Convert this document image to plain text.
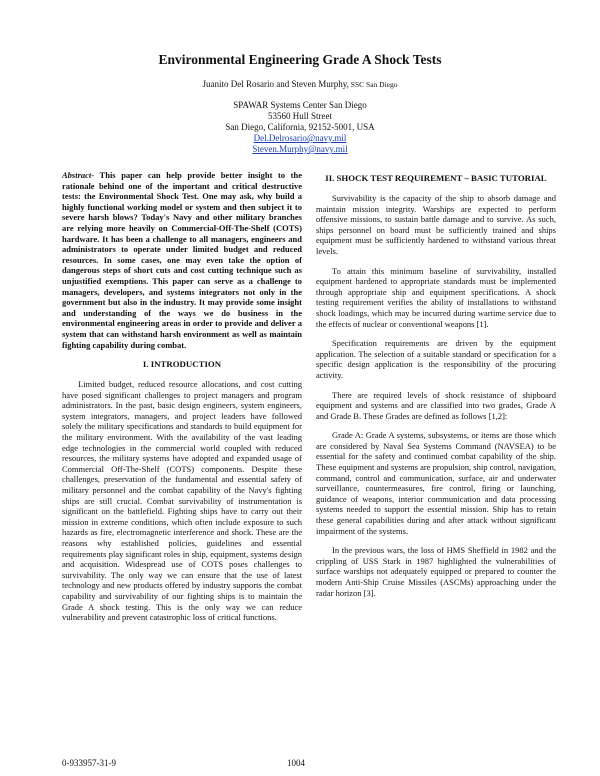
Environmental Engineering Grade A Shock Tests
Juanito Del Rosario and Steven Murphy, SSC San Diego
SPAWAR Systems Center San Diego
53560 Hull Street
San Diego, California, 92152-5001, USA
Del.Delrosario@navy.mil
Steven.Murphy@navy.mil

Abstract- This paper can help provide better insight to the rationale behind one of the important and critical destructive tests: the Environmental Shock Test. One may ask, why build a highly functional working model or system and then subject it to severe harsh blows? Today's Navy and other military branches are relying more heavily on Commercial-Off-The-Shelf (COTS) hardware. It has been a challenge to all managers, engineers and administrators to operate under limited budget and reduced resources. In some cases, one may even take the option of dangerous steps of short cuts and cost cutting technique such as unjustified exemptions. This paper can serve as a challenge to managers, developers, and systems integrators not only in the government but also in the industry. It may provide some insight and understanding of the ways we do business in the environmental engineering areas in order to provide and deliver a system that can withstand harsh environment as well as maintain fighting capability during combat.

I. INTRODUCTION

Limited budget, reduced resource allocations, and cost cutting have posed significant challenges to project managers and program administrators. In the past, basic design engineers, system engineers, system integrators, managers, and project leaders have followed solely the military specifications and standards to build equipment for the military environment. With the availability of the vast leading edge technologies in the commercial world coupled with reduced resources, the military systems have adopted and expanded usage of Commercial Off-The-Shelf (COTS) components. Despite these challenges, preservation of the fundamental and essential safety of military personnel and the combat capability of the Navy's fighting ships are still crucial. Combat survivability of instrumentation is significant on the battlefield. Fighting ships have to carry out their mission in extreme conditions, which often include exposure to such hazards as fire, electromagnetic interference and shock. These are the reasons why established policies, guidelines and essential requirements play significant roles in ship, equipment, systems design and acquisition. Widespread use of COTS poses challenges to survivability. The only way we can ensure that the use of latest technology and new products offered by industry supports the combat capability and survivability of our fighting ships is to maintain the Grade A shock testing. This is the only way we can reduce vulnerability and prevent catastrophic loss of critical functions.

II. SHOCK TEST REQUIREMENT – BASIC TUTORIAL

Survivability is the capacity of the ship to absorb damage and maintain mission integrity. Warships are expected to perform offensive missions, to sustain battle damage and to survive. As such, ships personnel on board must be sufficiently trained and ships equipment must be sufficiently hardened to withstand various threat levels.

To attain this minimum baseline of survivability, installed equipment hardened to appropriate standards must be implemented through appropriate ship and equipment specifications. A shock testing requirement verifies the ability of installations to withstand shock loadings, which may be incurred during wartime service due to the effects of nuclear or conventional weapons [1].

Specification requirements are driven by the equipment application. The selection of a suitable standard or specification for a specific design application is the responsibility of the procuring activity.

There are required levels of shock resistance of shipboard equipment and systems and are classified into two grades, Grade A and Grade B. These Grades are defined as follows [1,2]:

Grade A: Grade A systems, subsystems, or items are those which are considered by Naval Sea Systems Command (NAVSEA) to be essential for the safety and continued combat capability of the ship. These equipment and systems are propulsion, ship control, navigation, command, control and communication, surface, air and underwater surveillance, countermeasures, fire control, firing or launching, guidance of weapons, interior communication and data processing systems needed to support the essential mission. Ship has to retain these general capabilities during and after attack without significant impairment of the systems.

In the previous wars, the loss of HMS Sheffield in 1982 and the crippling of USS Stark in 1987 highlighted the vulnerabilities of surface warships not adequately equipped or prepared to counter the modern Anti-Ship Cruise Missiles (ASCMs) approaching under the radar horizon [3].

0-933957-31-9	1004
